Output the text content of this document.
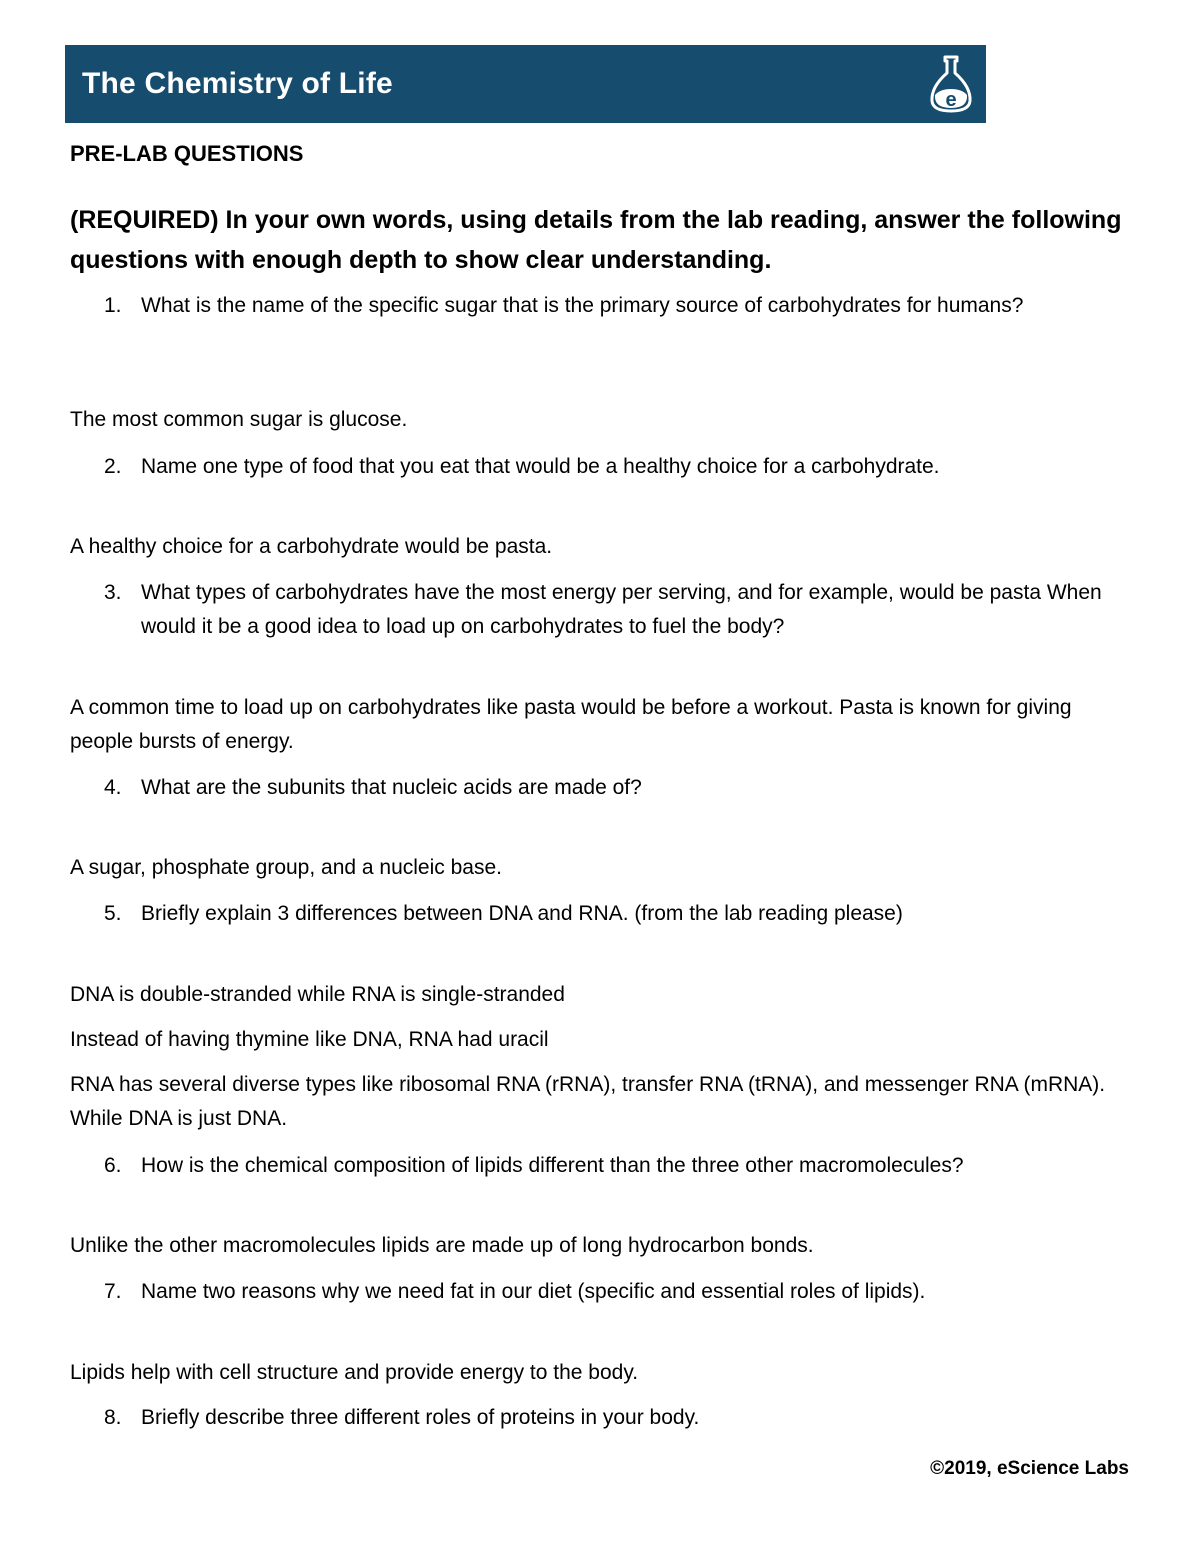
The Chemistry of Life	e
PRE-LAB QUESTIONS
(REQUIRED) In your own words, using details from the lab reading, answer the following questions with enough depth to show clear understanding.
1. What is the name of the specific sugar that is the primary source of carbohydrates for humans?
The most common sugar is glucose.
2. Name one type of food that you eat that would be a healthy choice for a carbohydrate.
A healthy choice for a carbohydrate would be pasta.
3. What types of carbohydrates have the most energy per serving, and for example, would be pasta When would it be a good idea to load up on carbohydrates to fuel the body?
A common time to load up on carbohydrates like pasta would be before a workout. Pasta is known for giving people bursts of energy.
4. What are the subunits that nucleic acids are made of?
A sugar, phosphate group, and a nucleic base.
5. Briefly explain 3 differences between DNA and RNA. (from the lab reading please)
DNA is double-stranded while RNA is single-stranded
Instead of having thymine like DNA, RNA had uracil
RNA has several diverse types like ribosomal RNA (rRNA), transfer RNA (tRNA), and messenger RNA (mRNA). While DNA is just DNA.
6. How is the chemical composition of lipids different than the three other macromolecules?
Unlike the other macromolecules lipids are made up of long hydrocarbon bonds.
7. Name two reasons why we need fat in our diet (specific and essential roles of lipids).
Lipids help with cell structure and provide energy to the body.
8. Briefly describe three different roles of proteins in your body.
©2019, eScience Labs
